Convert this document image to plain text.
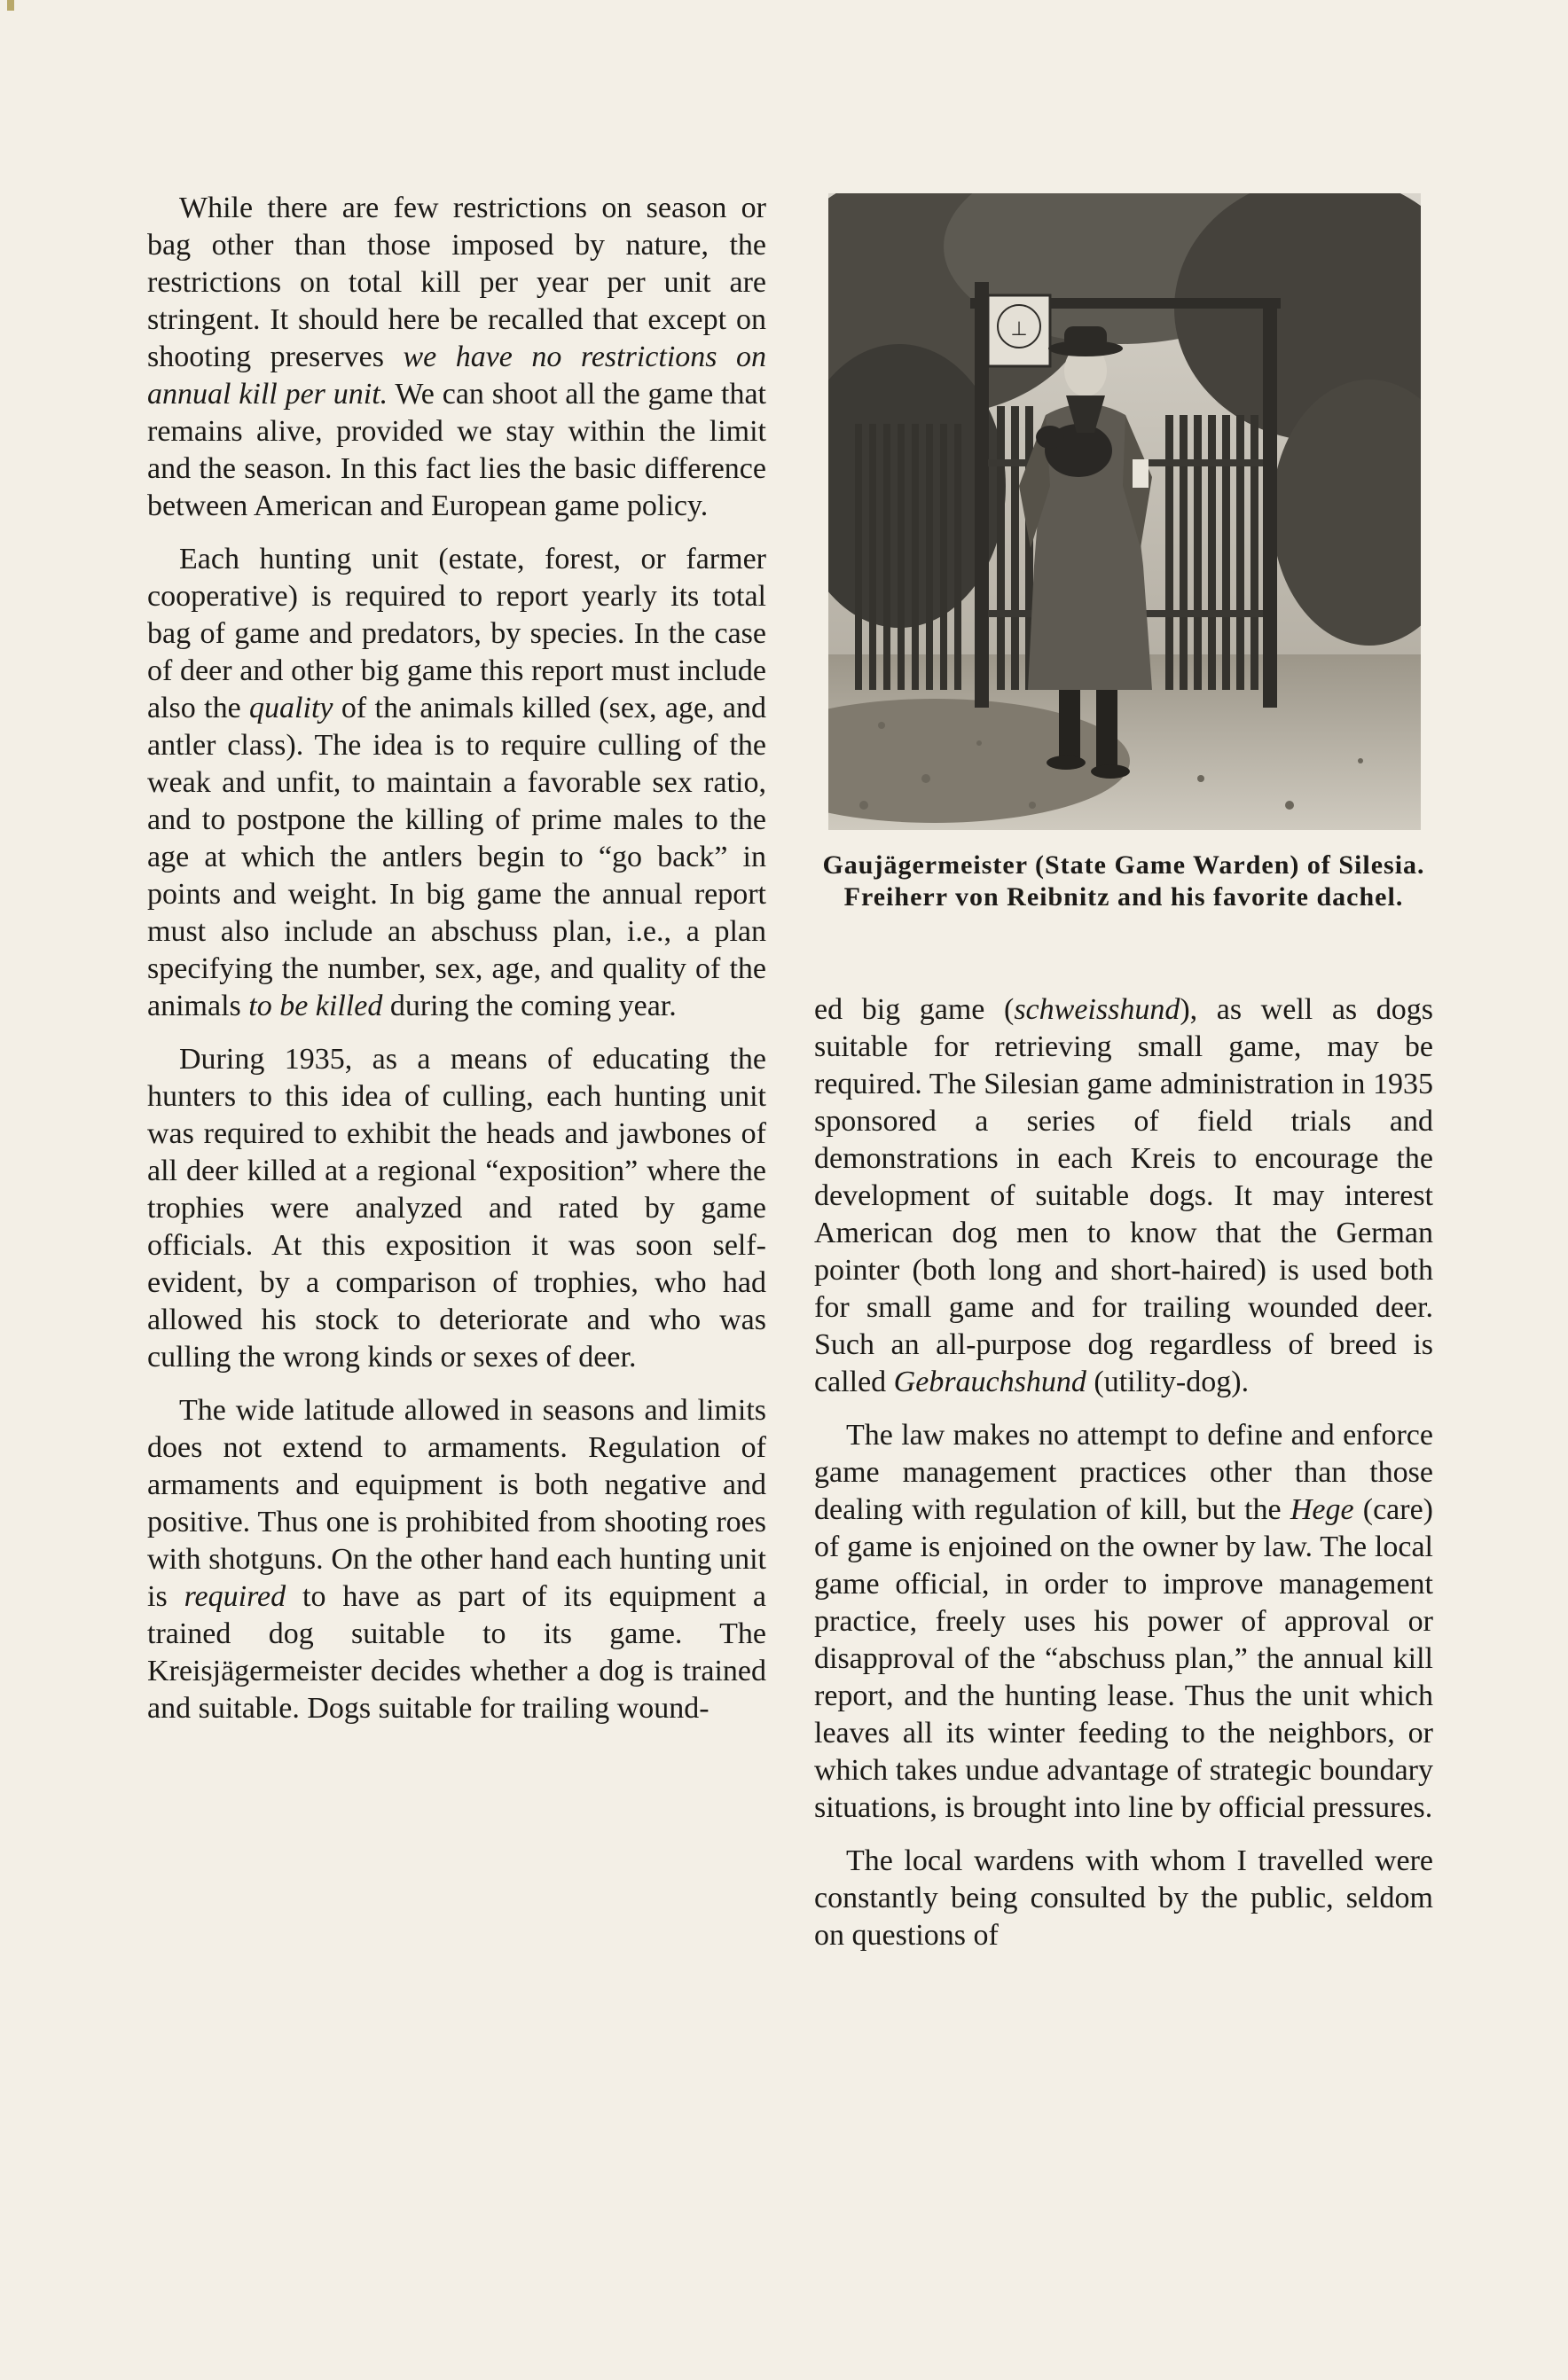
While there are few restrictions on season or bag other than those imposed by nature, the restrictions on total kill per year per unit are stringent. It should here be recalled that except on shooting preserves we have no restrictions on annual kill per unit. We can shoot all the game that remains alive, provided we stay within the limit and the season. In this fact lies the basic difference between American and European game policy.

Each hunting unit (estate, forest, or farmer cooperative) is required to report yearly its total bag of game and predators, by species. In the case of deer and other big game this report must include also the quality of the animals killed (sex, age, and antler class). The idea is to require culling of the weak and unfit, to maintain a favorable sex ratio, and to postpone the killing of prime males to the age at which the antlers begin to “go back” in points and weight. In big game the annual report must also include an abschuss plan, i.e., a plan specifying the number, sex, age, and quality of the animals to be killed during the coming year.

During 1935, as a means of educating the hunters to this idea of culling, each hunting unit was required to exhibit the heads and jawbones of all deer killed at a regional “exposition” where the trophies were analyzed and rated by game officials. At this exposition it was soon self-evident, by a comparison of trophies, who had allowed his stock to deteriorate and who was culling the wrong kinds or sexes of deer.

The wide latitude allowed in seasons and limits does not extend to armaments. Regulation of armaments and equipment is both negative and positive. Thus one is prohibited from shooting roes with shotguns. On the other hand each hunting unit is required to have as part of its equipment a trained dog suitable to its game. The Kreisjägermeister decides whether a dog is trained and suitable. Dogs suitable for trailing wound-

⊥
Gaujägermeister (State Game Warden) of Silesia. Freiherr von Reibnitz and his favorite dachel.

ed big game (schweisshund), as well as dogs suitable for retrieving small game, may be required. The Silesian game administration in 1935 sponsored a series of field trials and demonstrations in each Kreis to encourage the development of suitable dogs. It may interest American dog men to know that the German pointer (both long and short-haired) is used both for small game and for trailing wounded deer. Such an all-purpose dog regardless of breed is called Gebrauchshund (utility-dog).

The law makes no attempt to define and enforce game management practices other than those dealing with regulation of kill, but the Hege (care) of game is enjoined on the owner by law. The local game official, in order to improve management practice, freely uses his power of approval or disapproval of the “abschuss plan,” the annual kill report, and the hunting lease. Thus the unit which leaves all its winter feeding to the neighbors, or which takes undue advantage of strategic boundary situations, is brought into line by official pressures.

The local wardens with whom I travelled were constantly being consulted by the public, seldom on questions of
